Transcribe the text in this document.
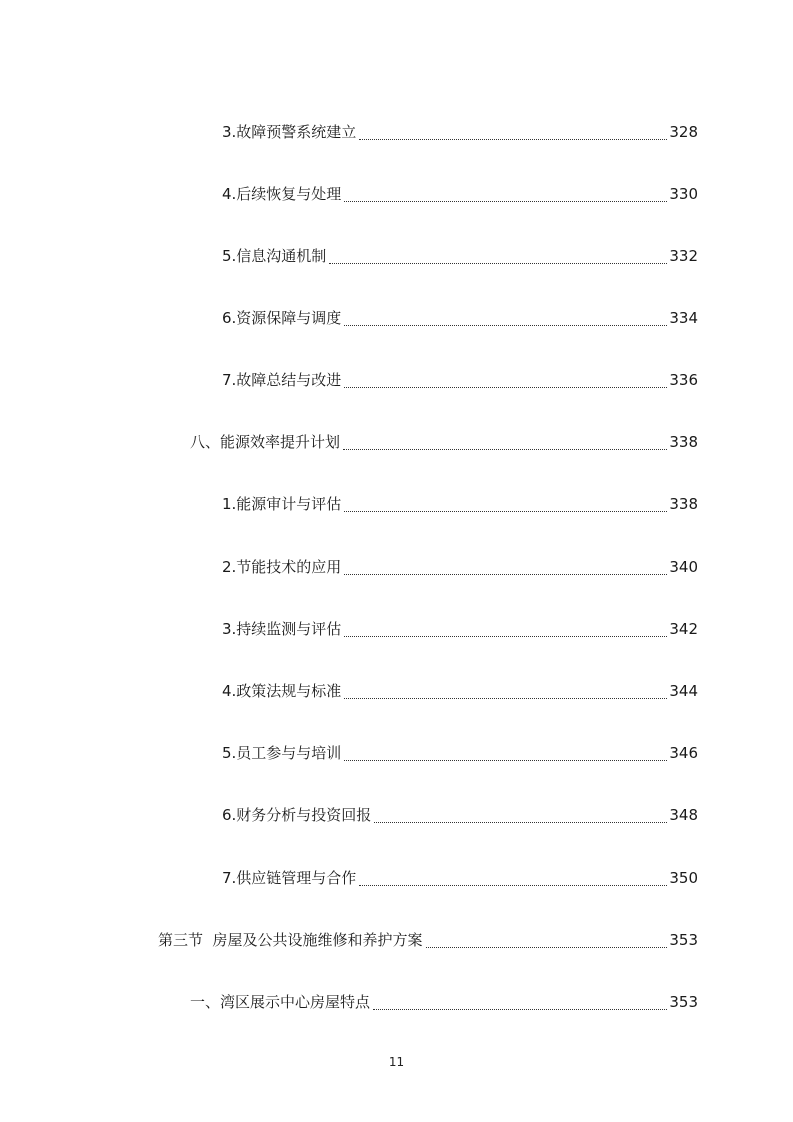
3.故障预警系统建立	328
4.后续恢复与处理	330
5.信息沟通机制	332
6.资源保障与调度	334
7.故障总结与改进	336
八、能源效率提升计划	338
1.能源审计与评估	338
2.节能技术的应用	340
3.持续监测与评估	342
4.政策法规与标准	344
5.员工参与与培训	346
6.财务分析与投资回报	348
7.供应链管理与合作	350
第三节  房屋及公共设施维修和养护方案	353
一、湾区展示中心房屋特点	353
11
